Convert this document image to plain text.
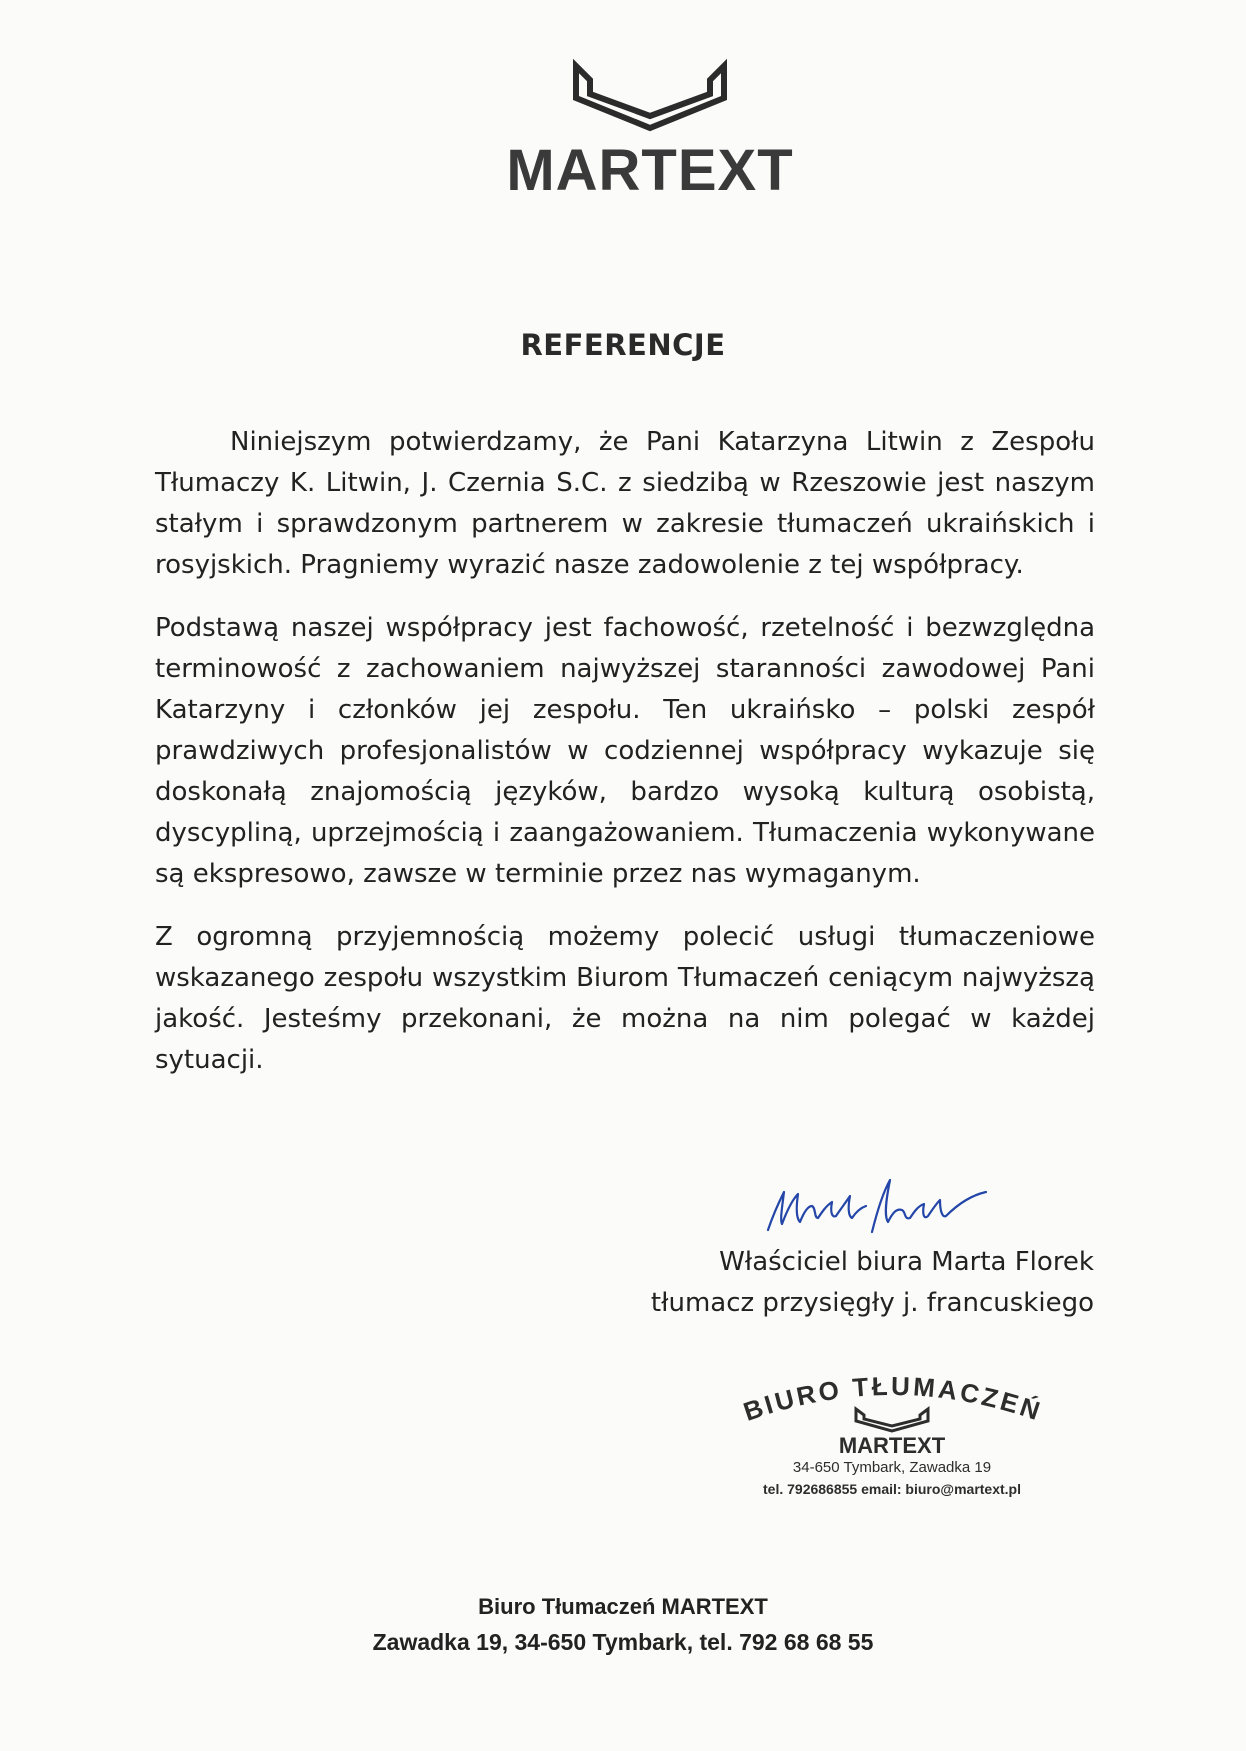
MARTEXT
REFERENCJE

Niniejszym potwierdzamy, że Pani Katarzyna Litwin z Zespołu Tłumaczy K. Litwin, J. Czernia S.C. z siedzibą w Rzeszowie jest naszym stałym i sprawdzonym partnerem w zakresie tłumaczeń ukraińskich i rosyjskich. Pragniemy wyrazić nasze zadowolenie z tej współpracy.

Podstawą naszej współpracy jest fachowość, rzetelność i bezwzględna terminowość z zachowaniem najwyższej staranności zawodowej Pani Katarzyny i członków jej zespołu. Ten ukraińsko – polski zespół prawdziwych profesjonalistów w codziennej współpracy wykazuje się doskonałą znajomością języków, bardzo wysoką kulturą osobistą, dyscypliną, uprzejmością i zaangażowaniem. Tłumaczenia wykonywane są ekspresowo, zawsze w terminie przez nas wymaganym.

Z ogromną przyjemnością możemy polecić usługi tłumaczeniowe wskazanego zespołu wszystkim Biurom Tłumaczeń ceniącym najwyższą jakość. Jesteśmy przekonani, że można na nim polegać w każdej sytuacji.

Właściciel biura Marta Florek
tłumacz przysięgły j. francuskiego
BIURO TŁUMACZEŃ
MARTEXT
34-650 Tymbark, Zawadka 19
tel. 792686855 email: biuro@martext.pl
Biuro Tłumaczeń MARTEXT
Zawadka 19, 34-650 Tymbark, tel. 792 68 68 55
